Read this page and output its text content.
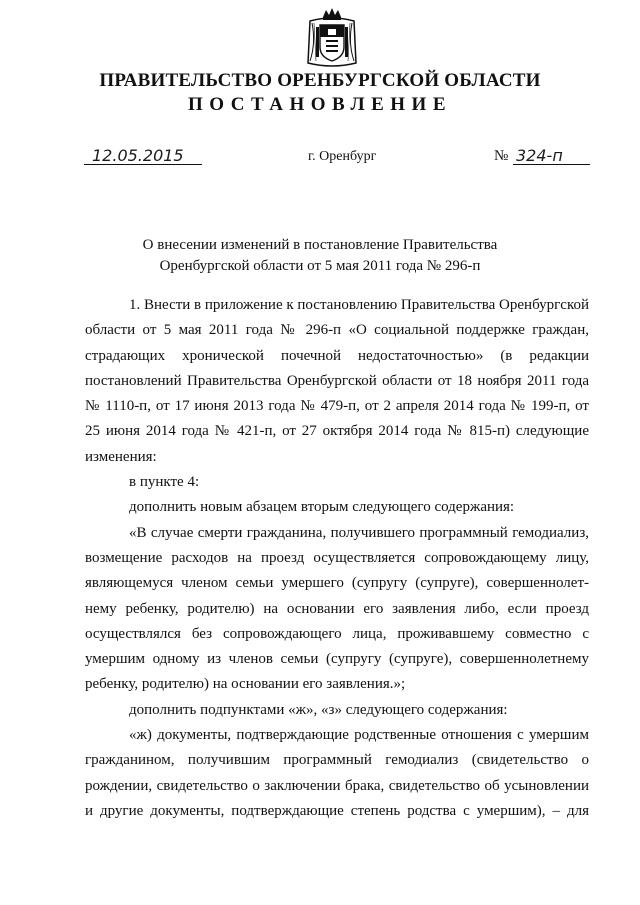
ПРАВИТЕЛЬСТВО ОРЕНБУРГСКОЙ ОБЛАСТИ
ПОСТАНОВЛЕНИЕ
12.05.2015	г. Оренбург	№ 324-п
О внесении изменений в постановление Правительства
Оренбургской области от 5 мая 2011 года № 296-п

1. Внести в приложение к постановлению Правительства Оренбургской

области от 5 мая 2011 года № 296-п «О социальной поддержке граждан,

страдающих хронической почечной недостаточностью» (в редакции

постановлений Правительства Оренбургской области от 18 ноября 2011 года

№ 1110-п, от 17 июня 2013 года № 479-п, от 2 апреля 2014 года № 199-п, от

25 июня 2014 года № 421-п, от 27 октября 2014 года № 815-п) следующие

изменения:

в пункте 4:

дополнить новым абзацем вторым следующего содержания:

«В случае смерти гражданина, получившего программный гемодиализ,

возмещение расходов на проезд осуществляется сопровождающему лицу,

являющемуся членом семьи умершего (супругу (супруге), совершеннолет-

нему ребенку, родителю) на основании его заявления либо, если проезд

осуществлялся без сопровождающего лица, проживавшему совместно с

умершим одному из членов семьи (супругу (супруге), совершеннолетнему

ребенку, родителю) на основании его заявления.»;

дополнить подпунктами «ж», «з» следующего содержания:

«ж) документы, подтверждающие родственные отношения с умершим

гражданином, получившим программный гемодиализ (свидетельство о

рождении, свидетельство о заключении брака, свидетельство об усыновлении

и другие документы, подтверждающие степень родства с умершим), – для
